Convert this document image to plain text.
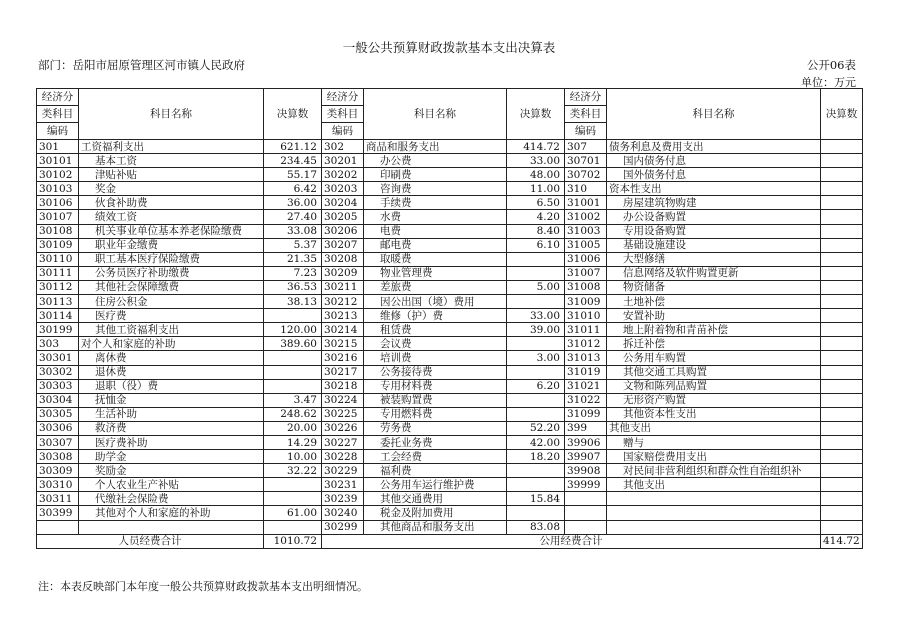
一般公共预算财政拨款基本支出决算表
部门：岳阳市屈原管理区河市镇人民政府	公开06表
单位：万元
经济分	科目名称	决算数	经济分	科目名称	决算数	经济分	科目名称	决算数
类科目			类科目			类科目		
编码			编码			编码		
301	工资福利支出	621.12	302	商品和服务支出	414.72	307	债务利息及费用支出	
30101	基本工资	234.45	30201	办公费	33.00	30701	国内债务付息	
30102	津贴补贴	55.17	30202	印刷费	48.00	30702	国外债务付息	
30103	奖金	6.42	30203	咨询费	11.00	310	资本性支出	
30106	伙食补助费	36.00	30204	手续费	6.50	31001	房屋建筑物购建	
30107	绩效工资	27.40	30205	水费	4.20	31002	办公设备购置	
30108	机关事业单位基本养老保险缴费	33.08	30206	电费	8.40	31003	专用设备购置	
30109	职业年金缴费	5.37	30207	邮电费	6.10	31005	基础设施建设	
30110	职工基本医疗保险缴费	21.35	30208	取暖费		31006	大型修缮	
30111	公务员医疗补助缴费	7.23	30209	物业管理费		31007	信息网络及软件购置更新	
30112	其他社会保障缴费	36.53	30211	差旅费	5.00	31008	物资储备	
30113	住房公积金	38.13	30212	因公出国（境）费用		31009	土地补偿	
30114	医疗费		30213	维修（护）费	33.00	31010	安置补助	
30199	其他工资福利支出	120.00	30214	租赁费	39.00	31011	地上附着物和青苗补偿	
303	对个人和家庭的补助	389.60	30215	会议费		31012	拆迁补偿	
30301	离休费		30216	培训费	3.00	31013	公务用车购置	
30302	退休费		30217	公务接待费		31019	其他交通工具购置	
30303	退职（役）费		30218	专用材料费	6.20	31021	文物和陈列品购置	
30304	抚恤金	3.47	30224	被装购置费		31022	无形资产购置	
30305	生活补助	248.62	30225	专用燃料费		31099	其他资本性支出	
30306	救济费	20.00	30226	劳务费	52.20	399	其他支出	
30307	医疗费补助	14.29	30227	委托业务费	42.00	39906	赠与	
30308	助学金	10.00	30228	工会经费	18.20	39907	国家赔偿费用支出	
30309	奖励金	32.22	30229	福利费		39908	对民间非营利组织和群众性自治组织补	
30310	个人农业生产补贴		30231	公务用车运行维护费		39999	其他支出	
30311	代缴社会保险费		30239	其他交通费用	15.84			
30399	其他对个人和家庭的补助	61.00	30240	税金及附加费用				
			30299	其他商品和服务支出	83.08			
人员经费合计		1010.72	公用经费合计					414.72
注：本表反映部门本年度一般公共预算财政拨款基本支出明细情况。
